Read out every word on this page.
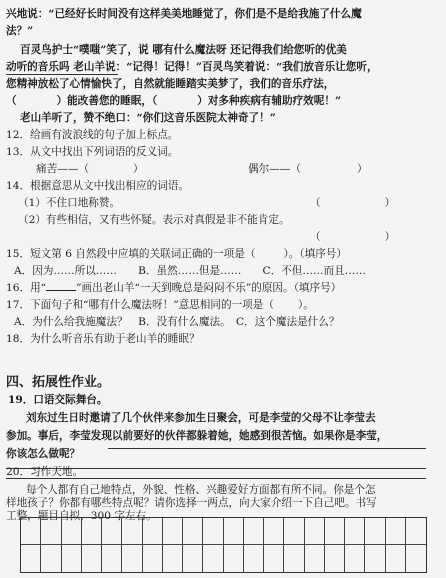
兴地说：“已经好长时间没有这样美美地睡觉了，你们是不是给我施了什么魔
法？”
百灵鸟护士“噗嗤”笑了，说 哪有什么魔法呀 还记得我们给您听的优美
动听的音乐吗 老山羊说：“记得！记得！”百灵鸟笑着说：“我们放音乐让您听，
您精神放松了心情愉快了，自然就能睡踏实美梦了，我们的音乐疗法，
（	）能改善您的睡眠，（	）对多种疾病有辅助疗效呢！”
老山羊听了，赞不绝口：“你们这音乐医院太神奇了！”
12．给画有波浪线的句子加上标点。
13．从文中找出下列词语的反义词。
痛苦——（	）	偶尔——（	）
14．根据意思从文中找出相应的词语。
（1）不住口地称赞。	（	）
（2）有些相信，又有些怀疑。表示对真假是非不能肯定。
（	）
15．短文第 6 自然段中应填的关联词正确的一项是（	）。（填序号）
A．因为……所以……　　B．虽然……但是……　　C．不但……而且……
16．用“	”画出老山羊“一天到晚总是闷闷不乐”的原因。（填序号）
17．下面句子和“哪有什么魔法呀！”意思相同的一项是（ ）。
A．为什么给我施魔法？　B．没有什么魔法。　C．这个魔法是什么？
18．为什么听音乐有助于老山羊的睡眠？
四、拓展性作业。
19．口语交际舞台。
刘东过生日时邀请了几个伙伴来参加生日聚会，可是李莹的父母不让李莹去
参加。事后，李莹发现以前要好的伙伴都躲着她，她感到很苦恼。如果你是李莹，
你该怎么做呢？
20．习作天地。
每个人都有自己地特点，外貌、性格、兴趣爱好方面都有所不同。你是个怎
样地孩子？你都有哪些特点呢？请你选择一两点，向大家介绍一下自己吧。书写
工整，题目自拟，300 字左右。
